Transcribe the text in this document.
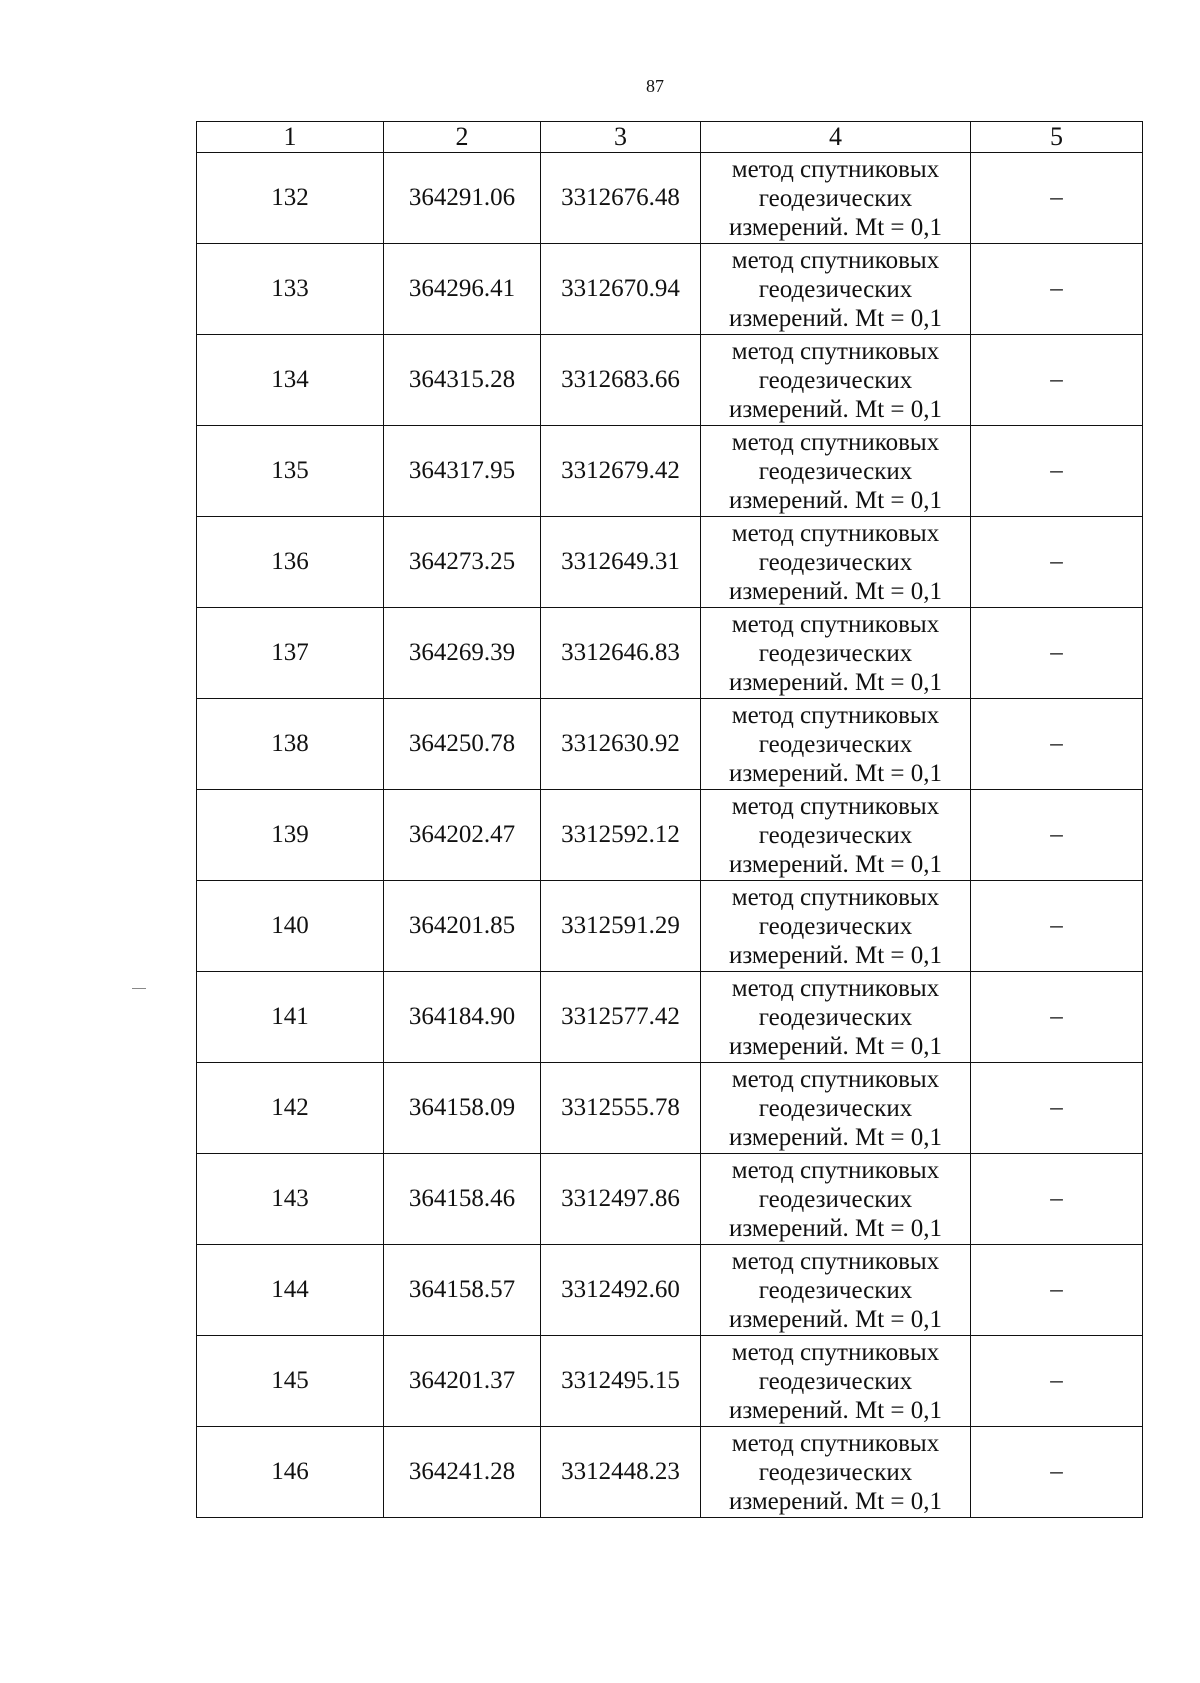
87
1	2	3	4	5
132	364291.06	3312676.48	метод спутниковых
геодезических
измерений. Mt = 0,1	–
133	364296.41	3312670.94	метод спутниковых
геодезических
измерений. Mt = 0,1	–
134	364315.28	3312683.66	метод спутниковых
геодезических
измерений. Mt = 0,1	–
135	364317.95	3312679.42	метод спутниковых
геодезических
измерений. Mt = 0,1	–
136	364273.25	3312649.31	метод спутниковых
геодезических
измерений. Mt = 0,1	–
137	364269.39	3312646.83	метод спутниковых
геодезических
измерений. Mt = 0,1	–
138	364250.78	3312630.92	метод спутниковых
геодезических
измерений. Mt = 0,1	–
139	364202.47	3312592.12	метод спутниковых
геодезических
измерений. Mt = 0,1	–
140	364201.85	3312591.29	метод спутниковых
геодезических
измерений. Mt = 0,1	–
141	364184.90	3312577.42	метод спутниковых
геодезических
измерений. Mt = 0,1	–
142	364158.09	3312555.78	метод спутниковых
геодезических
измерений. Mt = 0,1	–
143	364158.46	3312497.86	метод спутниковых
геодезических
измерений. Mt = 0,1	–
144	364158.57	3312492.60	метод спутниковых
геодезических
измерений. Mt = 0,1	–
145	364201.37	3312495.15	метод спутниковых
геодезических
измерений. Mt = 0,1	–
146	364241.28	3312448.23	метод спутниковых
геодезических
измерений. Mt = 0,1	–
